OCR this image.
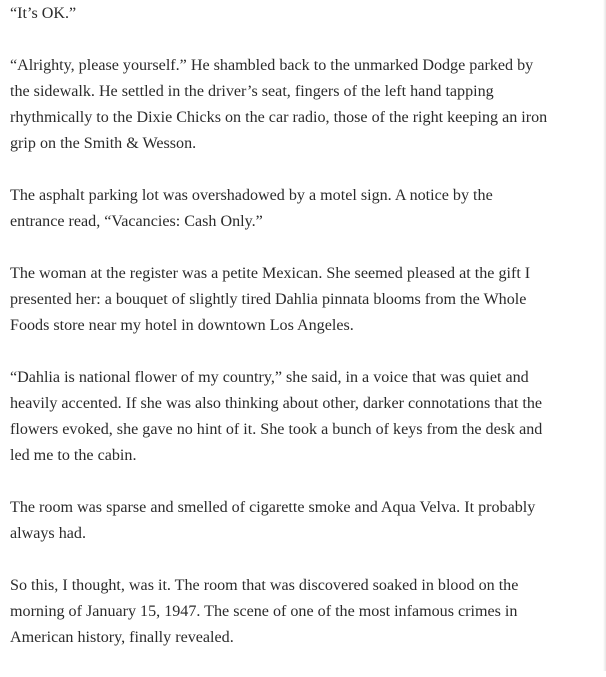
“It’s OK.”

“Alrighty, please yourself.” He shambled back to the unmarked Dodge parked by
the sidewalk. He settled in the driver’s seat, fingers of the left hand tapping
rhythmically to the Dixie Chicks on the car radio, those of the right keeping an iron
grip on the Smith & Wesson.

The asphalt parking lot was overshadowed by a motel sign. A notice by the
entrance read, “Vacancies: Cash Only.”

The woman at the register was a petite Mexican. She seemed pleased at the gift I
presented her: a bouquet of slightly tired Dahlia pinnata blooms from the Whole
Foods store near my hotel in downtown Los Angeles.

“Dahlia is national flower of my country,” she said, in a voice that was quiet and
heavily accented. If she was also thinking about other, darker connotations that the
flowers evoked, she gave no hint of it. She took a bunch of keys from the desk and
led me to the cabin.

The room was sparse and smelled of cigarette smoke and Aqua Velva. It probably
always had.

So this, I thought, was it. The room that was discovered soaked in blood on the
morning of January 15, 1947. The scene of one of the most infamous crimes in
American history, finally revealed.
